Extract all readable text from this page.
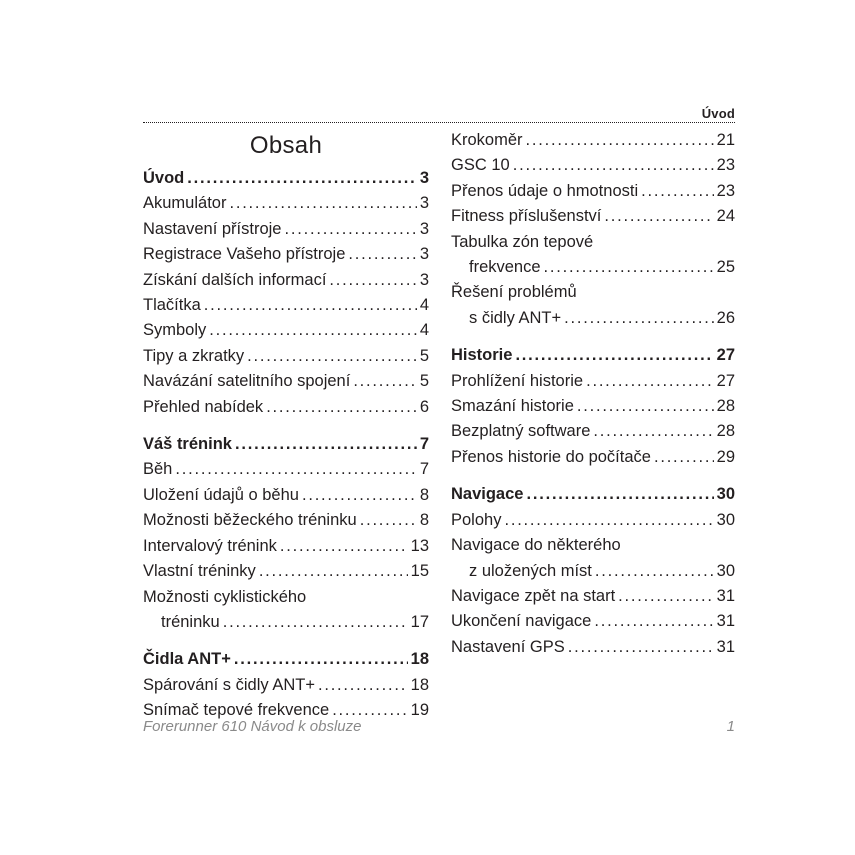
Úvod
Obsah
Úvod . . .	3
Akumulátor . . .	3
Nastavení přístroje . . .	3
Registrace Vašeho přístroje . . .	3
Získání dalších informací . . .	3
Tlačítka . . .	4
Symboly . . .	4
Tipy a zkratky . . .	5
Navázání satelitního spojení . . .	5
Přehled nabídek . . .	6
Váš trénink . . .	7
Běh . . .	7
Uložení údajů o běhu . . .	8
Možnosti běžeckého tréninku . . .	8
Intervalový trénink . . .	13
Vlastní tréninky . . .	15
Možnosti cyklistického
tréninku . . .	17
Čidla ANT+ . . .	18
Spárování s čidly ANT+ . . .	18
Snímač tepové frekvence . . .	19
Krokoměr . . .	21
GSC 10 . . .	23
Přenos údaje o hmotnosti . . .	23
Fitness příslušenství . . .	24
Tabulka zón tepové
frekvence . . .	25
Řešení problémů
s čidly ANT+ . . .	26
Historie . . .	27
Prohlížení historie . . .	27
Smazání historie . . .	28
Bezplatný software . . .	28
Přenos historie do počítače . . .	29
Navigace . . .	30
Polohy . . .	30
Navigace do některého
z uložených míst . . .	30
Navigace zpět na start . . .	31
Ukončení navigace . . .	31
Nastavení GPS . . .	31
Forerunner 610 Návod k obsluze	1
